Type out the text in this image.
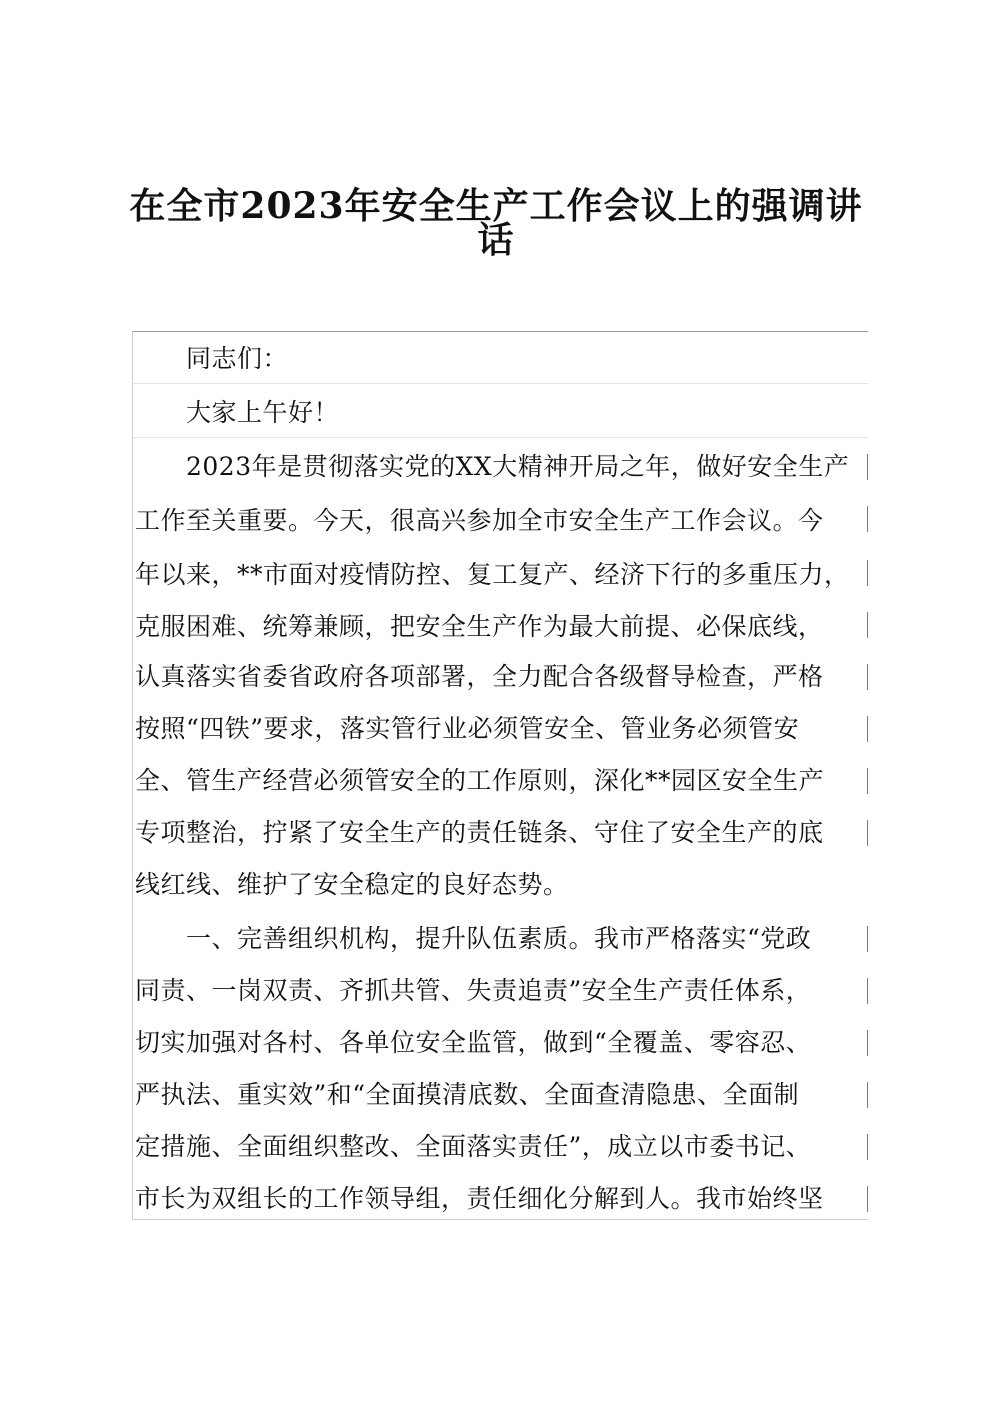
在全市2023年安全生产工作会议上的强调讲
话
同志们：
大家上午好！
2023年是贯彻落实党的XX大精神开局之年，做好安全生产
工作至关重要。今天，很高兴参加全市安全生产工作会议。今
年以来，**市面对疫情防控、复工复产、经济下行的多重压力，
克服困难、统筹兼顾，把安全生产作为最大前提、必保底线，
认真落实省委省政府各项部署，全力配合各级督导检查，严格
按照“四铁”要求，落实管行业必须管安全、管业务必须管安
全、管生产经营必须管安全的工作原则，深化**园区安全生产
专项整治，拧紧了安全生产的责任链条、守住了安全生产的底
线红线、维护了安全稳定的良好态势。
一、完善组织机构，提升队伍素质。我市严格落实“党政
同责、一岗双责、齐抓共管、失责追责”安全生产责任体系，
切实加强对各村、各单位安全监管，做到“全覆盖、零容忍、
严执法、重实效”和“全面摸清底数、全面查清隐患、全面制
定措施、全面组织整改、全面落实责任”，成立以市委书记、
市长为双组长的工作领导组，责任细化分解到人。我市始终坚
